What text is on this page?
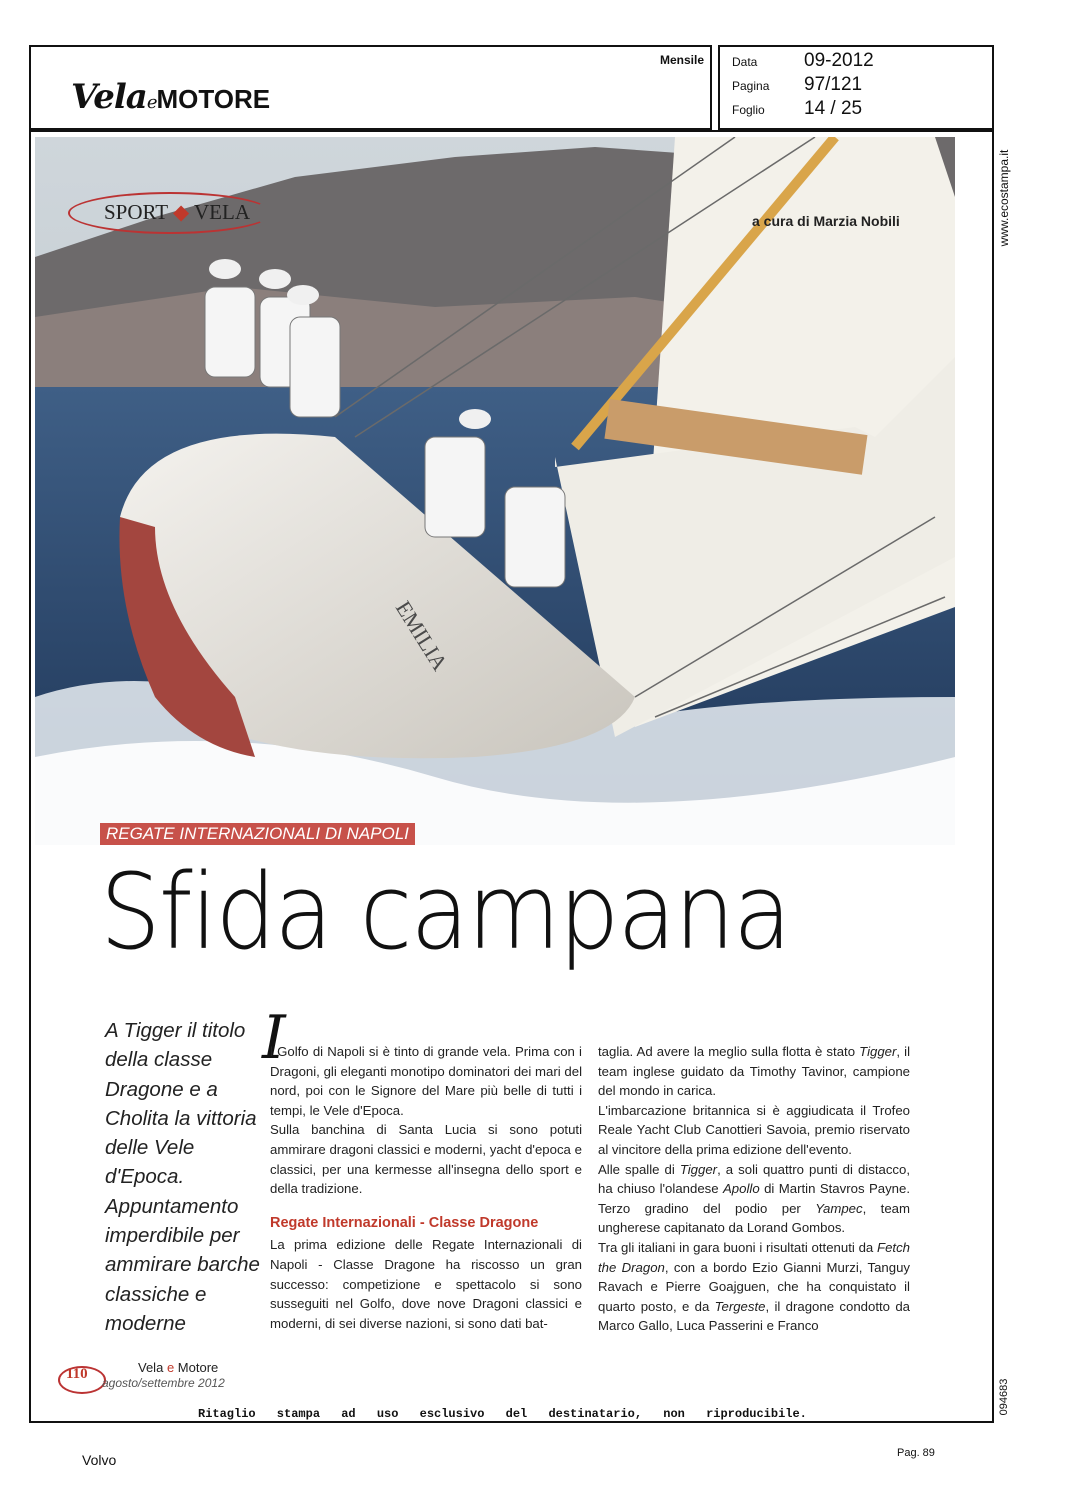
VelaeMOTORE
Mensile Data 09-2012
Pagina 97/121
Foglio 14 / 25
www.ecostampa.it
094683
EMILIA
SPORT ◆ VELA	a cura di Marzia Nobili
REGATE INTERNAZIONALI DI NAPOLI
Sfida campana
A Tigger il titolo della classe Dragone e a Cholita la vittoria delle Vele d'Epoca. Appuntamento imperdibile per ammirare barche classiche e moderne
I

l Golfo di Napoli si è tinto di grande vela. Prima con i Dragoni, gli eleganti monotipo dominatori dei mari del nord, poi con le Signore del Mare più belle di tutti i tempi, le Vele d'Epoca.

Sulla banchina di Santa Lucia si sono potuti ammirare dragoni classici e moderni, yacht d'epoca e classici, per una kermesse all'insegna dello sport e della tradizione.

Regate Internazionali - Classe Dragone

La prima edizione delle Regate Internazionali di Napoli - Classe Dragone ha riscosso un gran successo: competizione e spettacolo si sono susseguiti nel Golfo, dove nove Dragoni classici e moderni, di sei diverse nazioni, si sono dati bat-

taglia. Ad avere la meglio sulla flotta è stato Tigger, il team inglese guidato da Timothy Tavinor, campione del mondo in carica.

L'imbarcazione britannica si è aggiudicata il Trofeo Reale Yacht Club Canottieri Savoia, premio riservato al vincitore della prima edizione dell'evento.

Alle spalle di Tigger, a soli quattro punti di distacco, ha chiuso l'olandese Apollo di Martin Stavros Payne. Terzo gradino del podio per Yampec, team ungherese capitanato da Lorand Gombos.

Tra gli italiani in gara buoni i risultati ottenuti da Fetch the Dragon, con a bordo Ezio Gianni Murzi, Tanguy Ravach e Pierre Goajguen, che ha conquistato il quarto posto, e da Tergeste, il dragone condotto da Marco Gallo, Luca Passerini e Franco

110	Vela e Motore
agosto/settembre 2012
Ritaglio stampa ad uso esclusivo del destinatario, non riproducibile.
Volvo	Pag. 89
